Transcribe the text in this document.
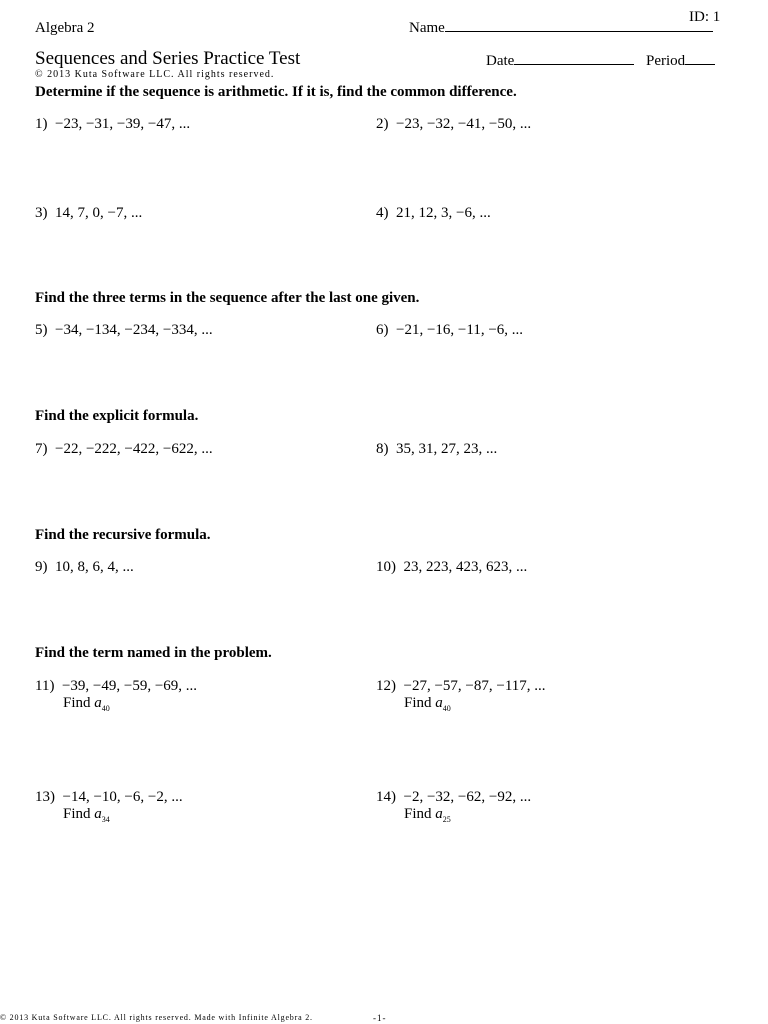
ID: 1
Algebra 2	Name
Sequences and Series Practice Test	Date	Period
© 2013 Kuta Software LLC. All rights reserved.
Determine if the sequence is arithmetic. If it is, find the common difference.
1) −23, −31, −39, −47, ...	2) −23, −32, −41, −50, ...
3) 14, 7, 0, −7, ...	4) 21, 12, 3, −6, ...
Find the three terms in the sequence after the last one given.
5) −34, −134, −234, −334, ...	6) −21, −16, −11, −6, ...
Find the explicit formula.
7) −22, −222, −422, −622, ...	8) 35, 31, 27, 23, ...
Find the recursive formula.
9) 10, 8, 6, 4, ...	10) 23, 223, 423, 623, ...
Find the term named in the problem.
11) −39, −49, −59, −69, ...
Find $a_{40}$
12) −27, −57, −87, −117, ...
Find $a_{40}$
13) −14, −10, −6, −2, ...
Find $a_{34}$
14) −2, −32, −62, −92, ...
Find $a_{25}$
© 2013 Kuta Software LLC. All rights reserved. Made with Infinite Algebra 2.	-1-
